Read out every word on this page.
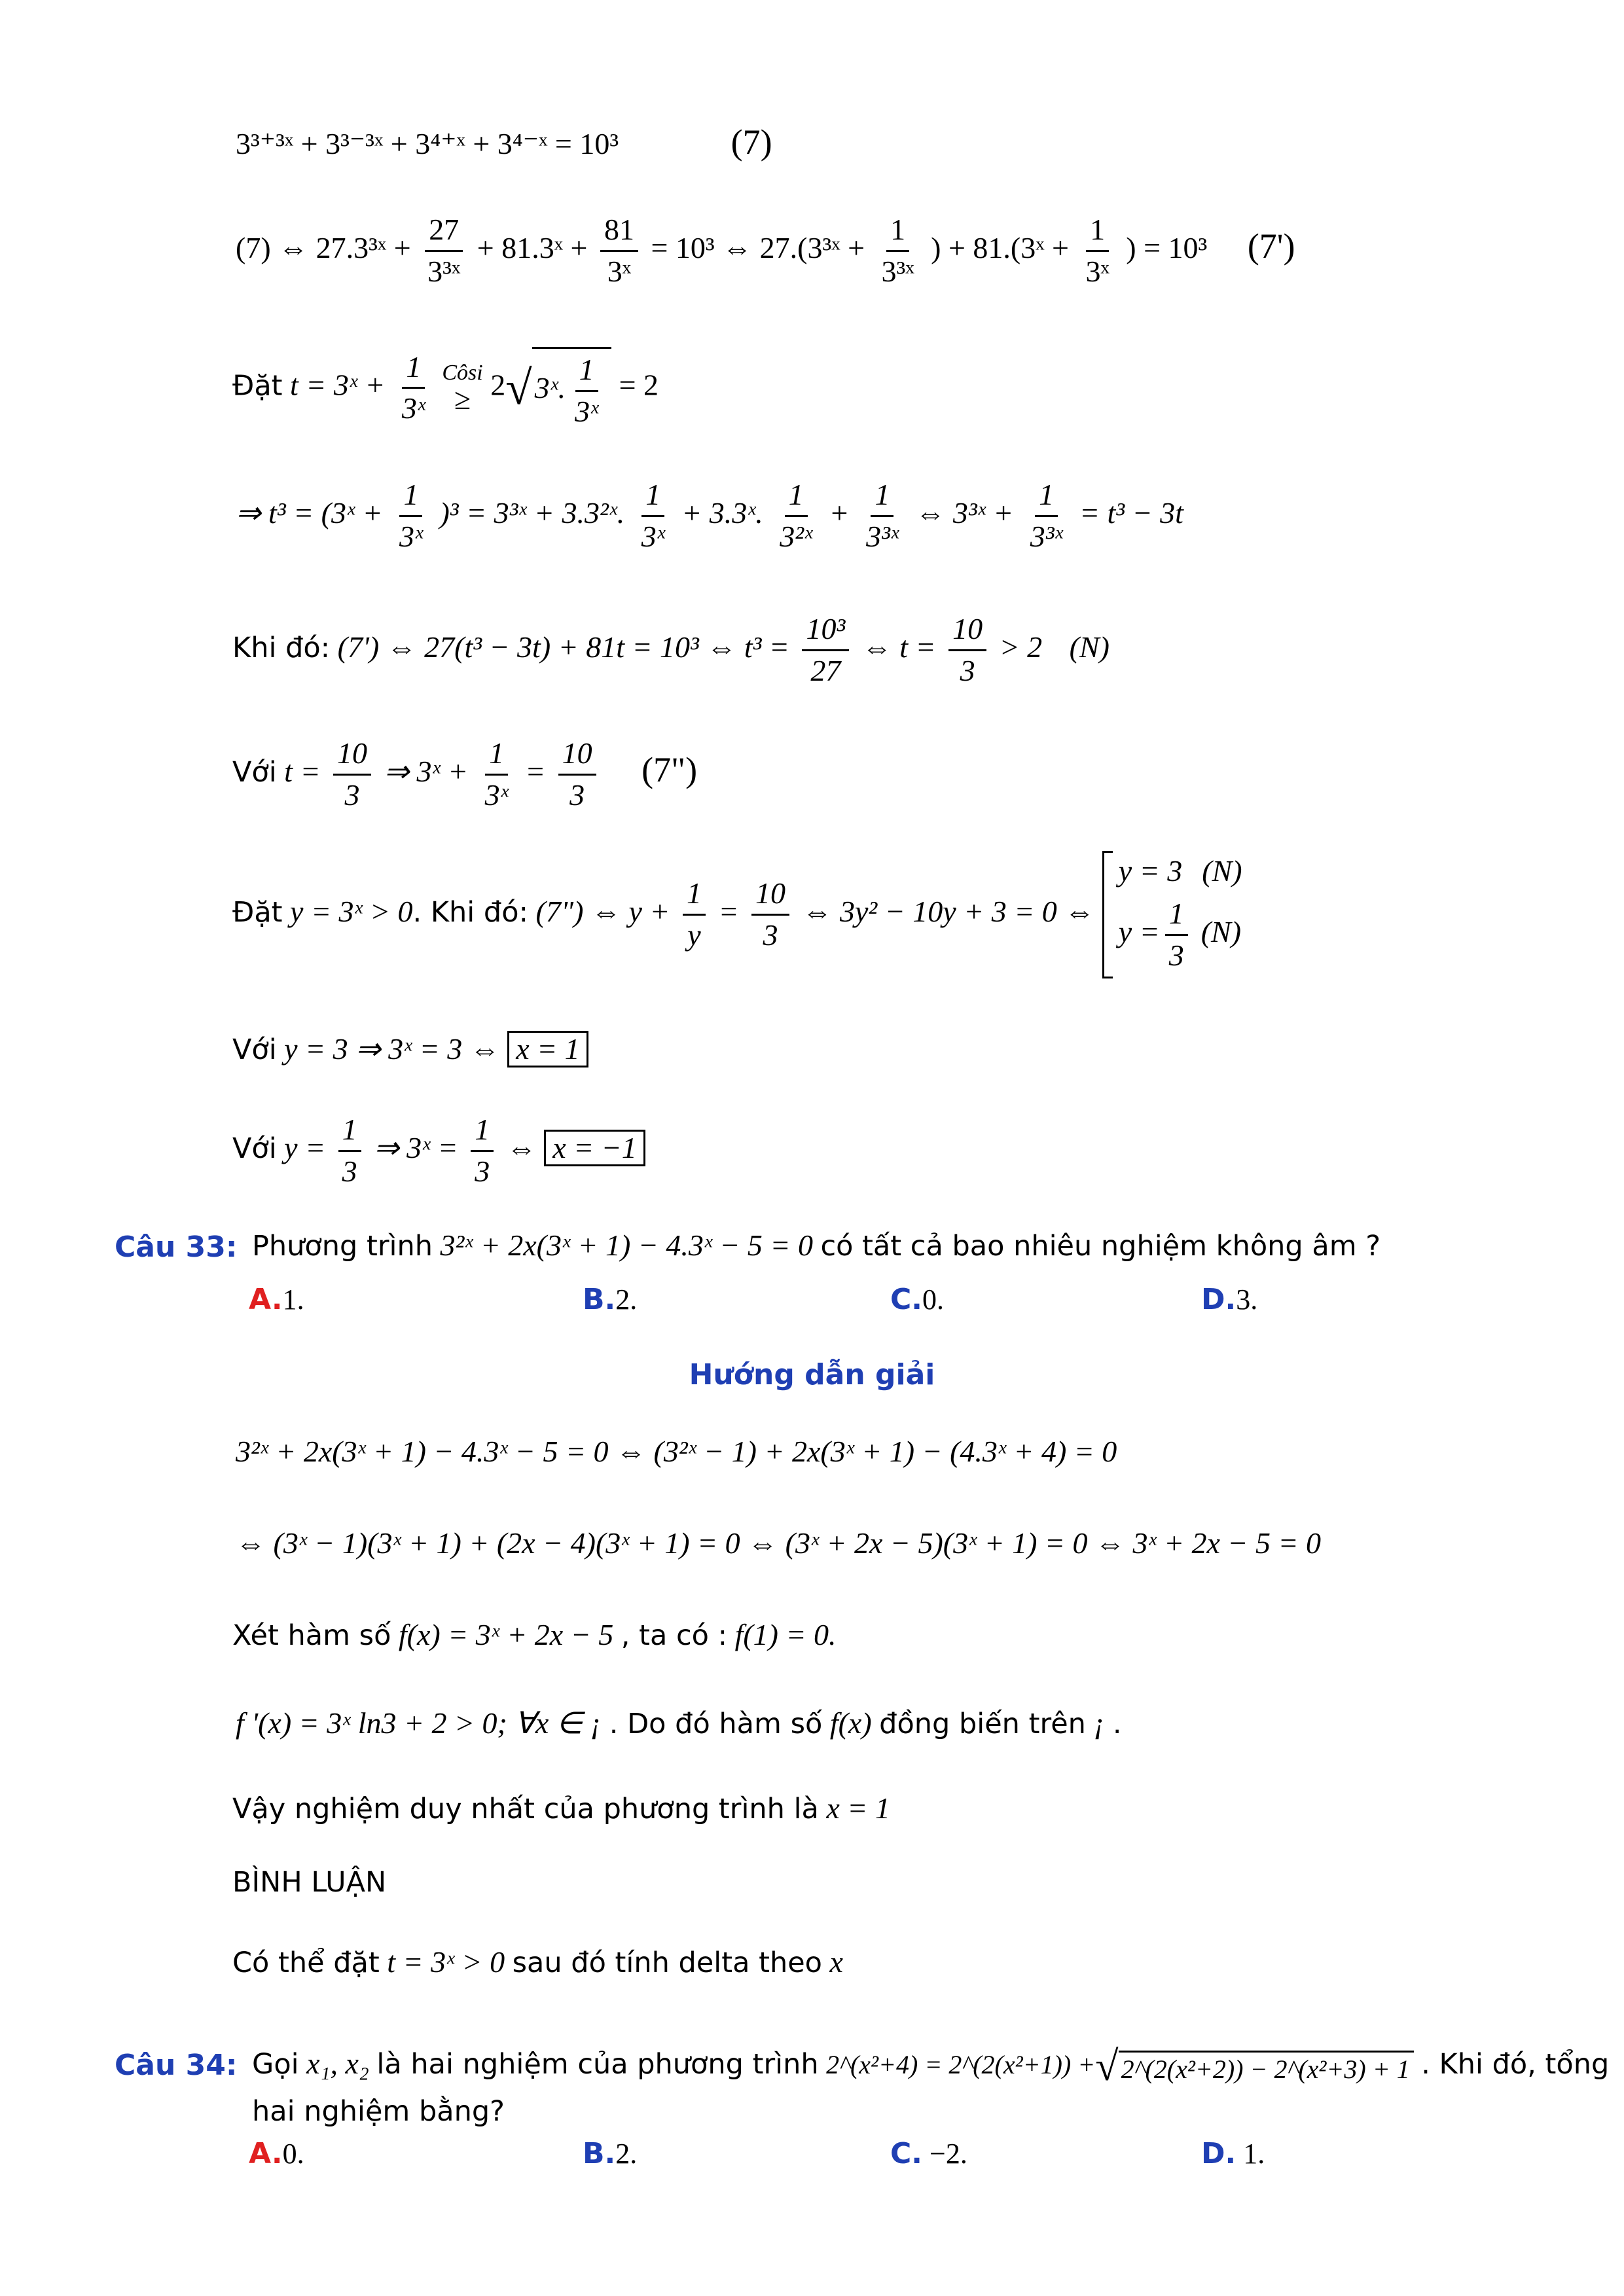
3³⁺³ˣ + 3³⁻³ˣ + 3⁴⁺ˣ + 3⁴⁻ˣ = 10³	(7)
(7) ⇔ 27.3³ˣ + $\frac{27}{\text{3³ˣ}}$ + 81.3ˣ + $\frac{81}{\text{3ˣ}} = 10^3$ ⇔ 27.(3³ˣ + $\frac{1}{\text{3³ˣ}}$ ) + 81.(3ˣ + $\frac{1}{\text{3ˣ}}$ ) = 10³ (7')
Đặt t = 3ˣ + $\frac{1}{\text{3ˣ}}$
Côsi
≥ 2√3ˣ. $\frac{1}{\text{3ˣ}} = 2$
⇒ t³ = (3ˣ + $\frac{1}{\text{3ˣ}} )^3$ = 3³ˣ + 3.3²ˣ. $\frac{1}{\text{3ˣ}}$ + 3.3ˣ. $\frac{1}{\text{3²ˣ}} + \frac{1}{\text{3³ˣ}}$ ⇔ 3³ˣ + $\frac{1}{\text{3³ˣ}} = t^3 - 3t$
Khi đó: (7') ⇔ 27(t³ − 3t) + 81t = 10³ ⇔ $t^3 = \frac{\text{10³}}{27}$ ⇔ $t = \frac{10}{3} > 2$ (N)
Với $t = \frac{10}{3}$ ⇒ 3ˣ + $\frac{1}{\text{3ˣ}} = \frac{10}{3}$ (7")
Đặt y = 3ˣ > 0. Khi đó: (7") ⇔ $y + \frac{1}{y} = \frac{10}{3}$ ⇔ 3y² − 10y + 3 = 0 ⇔
y = 3 (N)
$y = \frac{1}{3} (N)$
Với y = 3 ⇒ 3ˣ = 3 ⇔ x = 1
Với $y = \frac{1}{3}$ ⇒ 3ˣ = $\frac{1}{3}$ ⇔ x = −1
Câu 33: Phương trình 3²ˣ + 2x(3ˣ + 1) − 4.3ˣ − 5 = 0 có tất cả bao nhiêu nghiệm không âm ?
A.1.	B.2.	C.0.	D.3.
Hướng dẫn giải
3²ˣ + 2x(3ˣ + 1) − 4.3ˣ − 5 = 0 ⇔ (3²ˣ − 1) + 2x(3ˣ + 1) − (4.3ˣ + 4) = 0
⇔ (3ˣ − 1)(3ˣ + 1) + (2x − 4)(3ˣ + 1) = 0 ⇔ (3ˣ + 2x − 5)(3ˣ + 1) = 0 ⇔ 3ˣ + 2x − 5 = 0
Xét hàm số f(x) = 3ˣ + 2x − 5 , ta có : f(1) = 0.
f '(x) = 3ˣ ln3 + 2 > 0; ∀x ∈ ¡ . Do đó hàm số f(x) đồng biến trên ¡ .
Vậy nghiệm duy nhất của phương trình là x = 1
BÌNH LUẬN
Có thể đặt t = 3ˣ > 0 sau đó tính delta theo x
Câu 34: Gọi x₁, x₂ là hai nghiệm của phương trình 2^(x²+4) = 2^(2(x²+1)) +√ 2^(2(x²+2)) − 2^(x²+3) + 1 . Khi đó, tổng
hai nghiệm bằng?
A.0.	B.2.	C. −2.	D. 1.
